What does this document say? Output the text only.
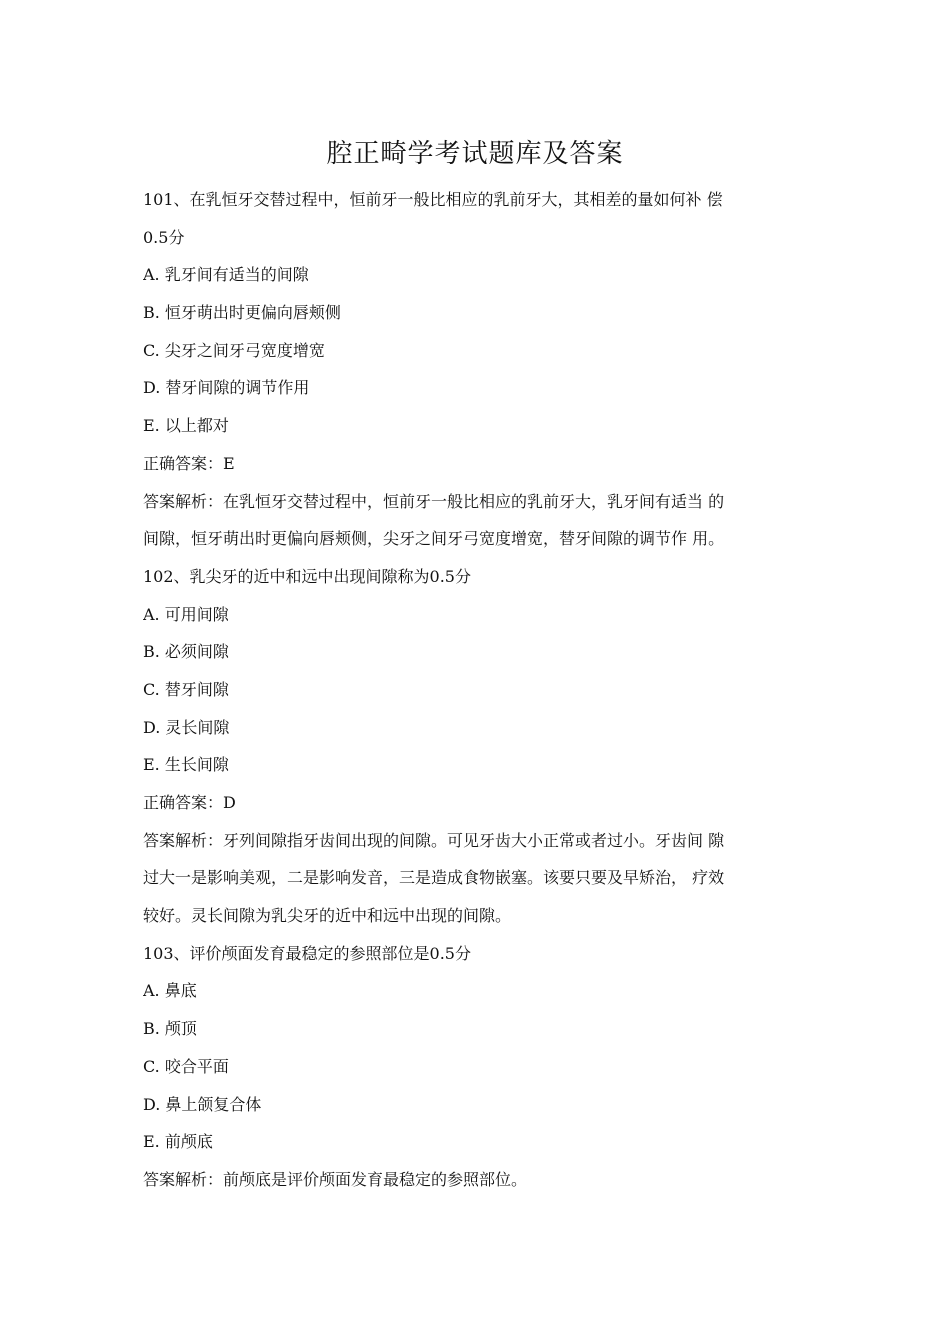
腔正畸学考试题库及答案
101、在乳恒牙交替过程中，恒前牙一般比相应的乳前牙大，其相差的量如何补 偿
0.5分
A. 乳牙间有适当的间隙
B. 恒牙萌出时更偏向唇颊侧
C. 尖牙之间牙弓宽度增宽
D. 替牙间隙的调节作用
E. 以上都对
正确答案：E
答案解析：在乳恒牙交替过程中，恒前牙一般比相应的乳前牙大，乳牙间有适当 的
间隙，恒牙萌出时更偏向唇颊侧，尖牙之间牙弓宽度增宽，替牙间隙的调节作 用。
102、乳尖牙的近中和远中出现间隙称为0.5分
A. 可用间隙
B. 必须间隙
C. 替牙间隙
D. 灵长间隙
E. 生长间隙
正确答案：D
答案解析：牙列间隙指牙齿间出现的间隙。可见牙齿大小正常或者过小。牙齿间 隙
过大一是影响美观，二是影响发音，三是造成食物嵌塞。该要只要及早矫治， 疗效
较好。灵长间隙为乳尖牙的近中和远中出现的间隙。
103、评价颅面发育最稳定的参照部位是0.5分
A. 鼻底
B. 颅顶
C. 咬合平面
D. 鼻上颌复合体
E. 前颅底
答案解析：前颅底是评价颅面发育最稳定的参照部位。
